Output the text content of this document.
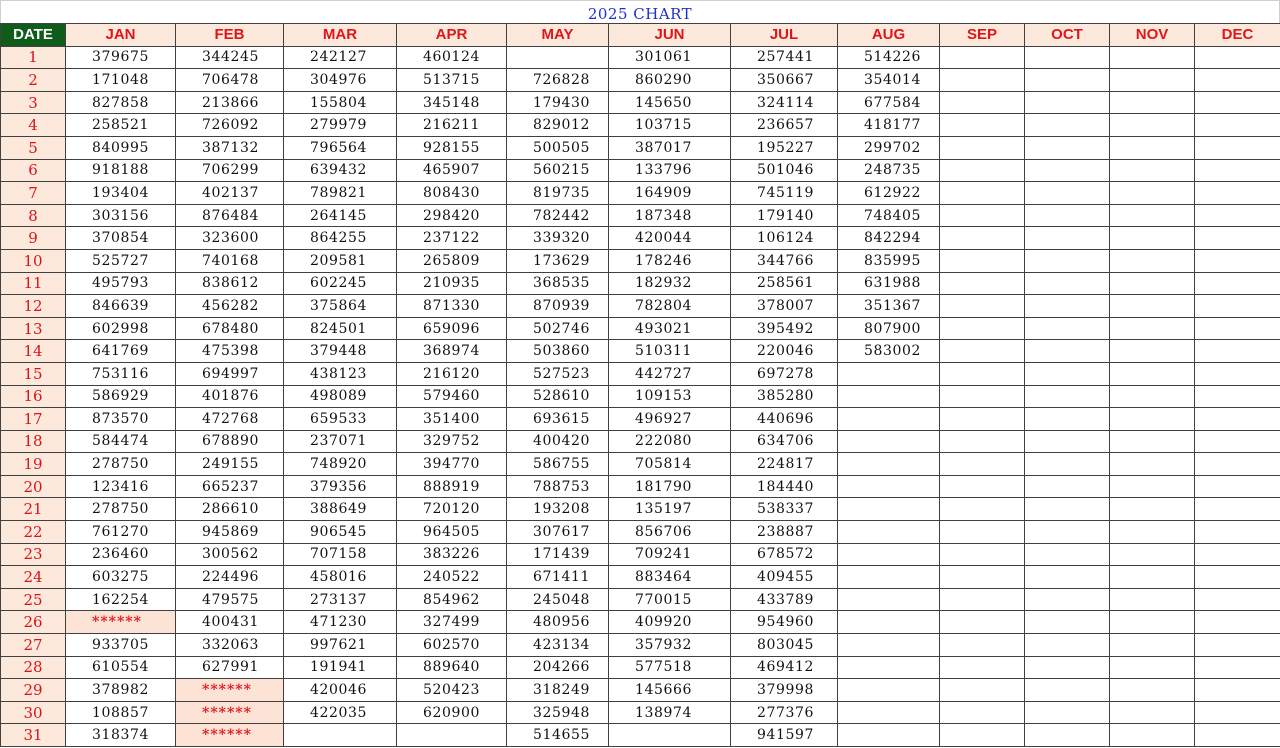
2025 CHART
DATE	JAN	FEB	MAR	APR	MAY	JUN	JUL	AUG	SEP	OCT	NOV	DEC
1	379675	344245	242127	460124		301061	257441	514226				
2	171048	706478	304976	513715	726828	860290	350667	354014				
3	827858	213866	155804	345148	179430	145650	324114	677584				
4	258521	726092	279979	216211	829012	103715	236657	418177				
5	840995	387132	796564	928155	500505	387017	195227	299702				
6	918188	706299	639432	465907	560215	133796	501046	248735				
7	193404	402137	789821	808430	819735	164909	745119	612922				
8	303156	876484	264145	298420	782442	187348	179140	748405				
9	370854	323600	864255	237122	339320	420044	106124	842294				
10	525727	740168	209581	265809	173629	178246	344766	835995				
11	495793	838612	602245	210935	368535	182932	258561	631988				
12	846639	456282	375864	871330	870939	782804	378007	351367				
13	602998	678480	824501	659096	502746	493021	395492	807900				
14	641769	475398	379448	368974	503860	510311	220046	583002				
15	753116	694997	438123	216120	527523	442727	697278					
16	586929	401876	498089	579460	528610	109153	385280					
17	873570	472768	659533	351400	693615	496927	440696					
18	584474	678890	237071	329752	400420	222080	634706					
19	278750	249155	748920	394770	586755	705814	224817					
20	123416	665237	379356	888919	788753	181790	184440					
21	278750	286610	388649	720120	193208	135197	538337					
22	761270	945869	906545	964505	307617	856706	238887					
23	236460	300562	707158	383226	171439	709241	678572					
24	603275	224496	458016	240522	671411	883464	409455					
25	162254	479575	273137	854962	245048	770015	433789					
26	******	400431	471230	327499	480956	409920	954960					
27	933705	332063	997621	602570	423134	357932	803045					
28	610554	627991	191941	889640	204266	577518	469412					
29	378982	******	420046	520423	318249	145666	379998					
30	108857	******	422035	620900	325948	138974	277376					
31	318374	******			514655		941597					
